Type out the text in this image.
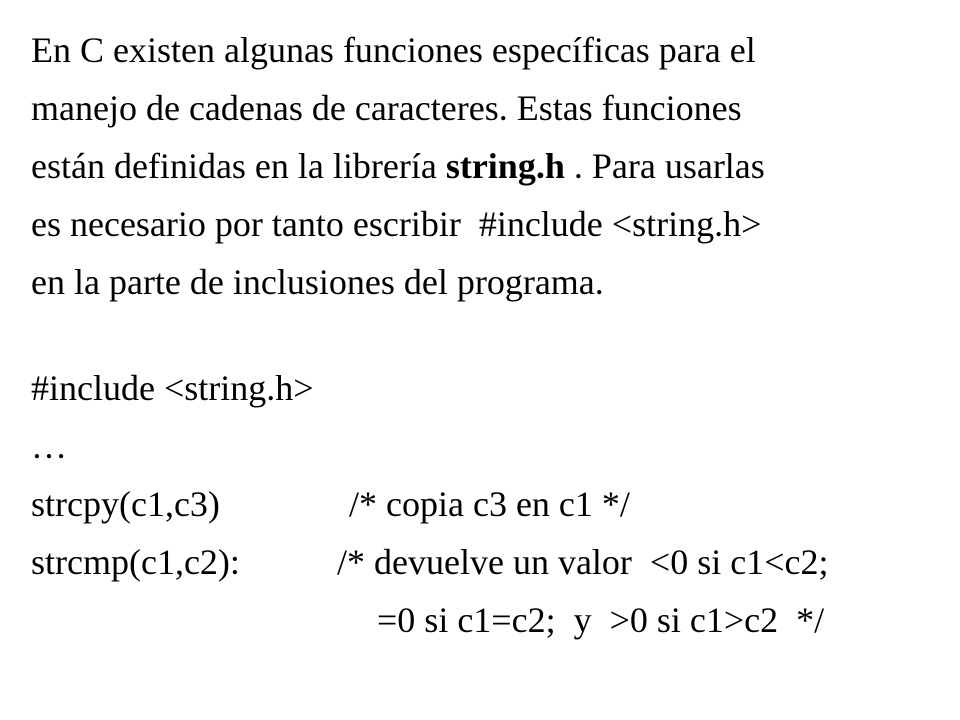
En C existen algunas funciones específicas para el
manejo de cadenas de caracteres. Estas funciones
están definidas en la librería string.h . Para usarlas
es necesario por tanto escribir  #include <string.h>
en la parte de inclusiones del programa.
#include <string.h>
…
strcpy(c1,c3)	/* copia c3 en c1 */
strcmp(c1,c2):	/* devuelve un valor  <0 si c1<c2;
=0 si c1=c2;  y  >0 si c1>c2  */
